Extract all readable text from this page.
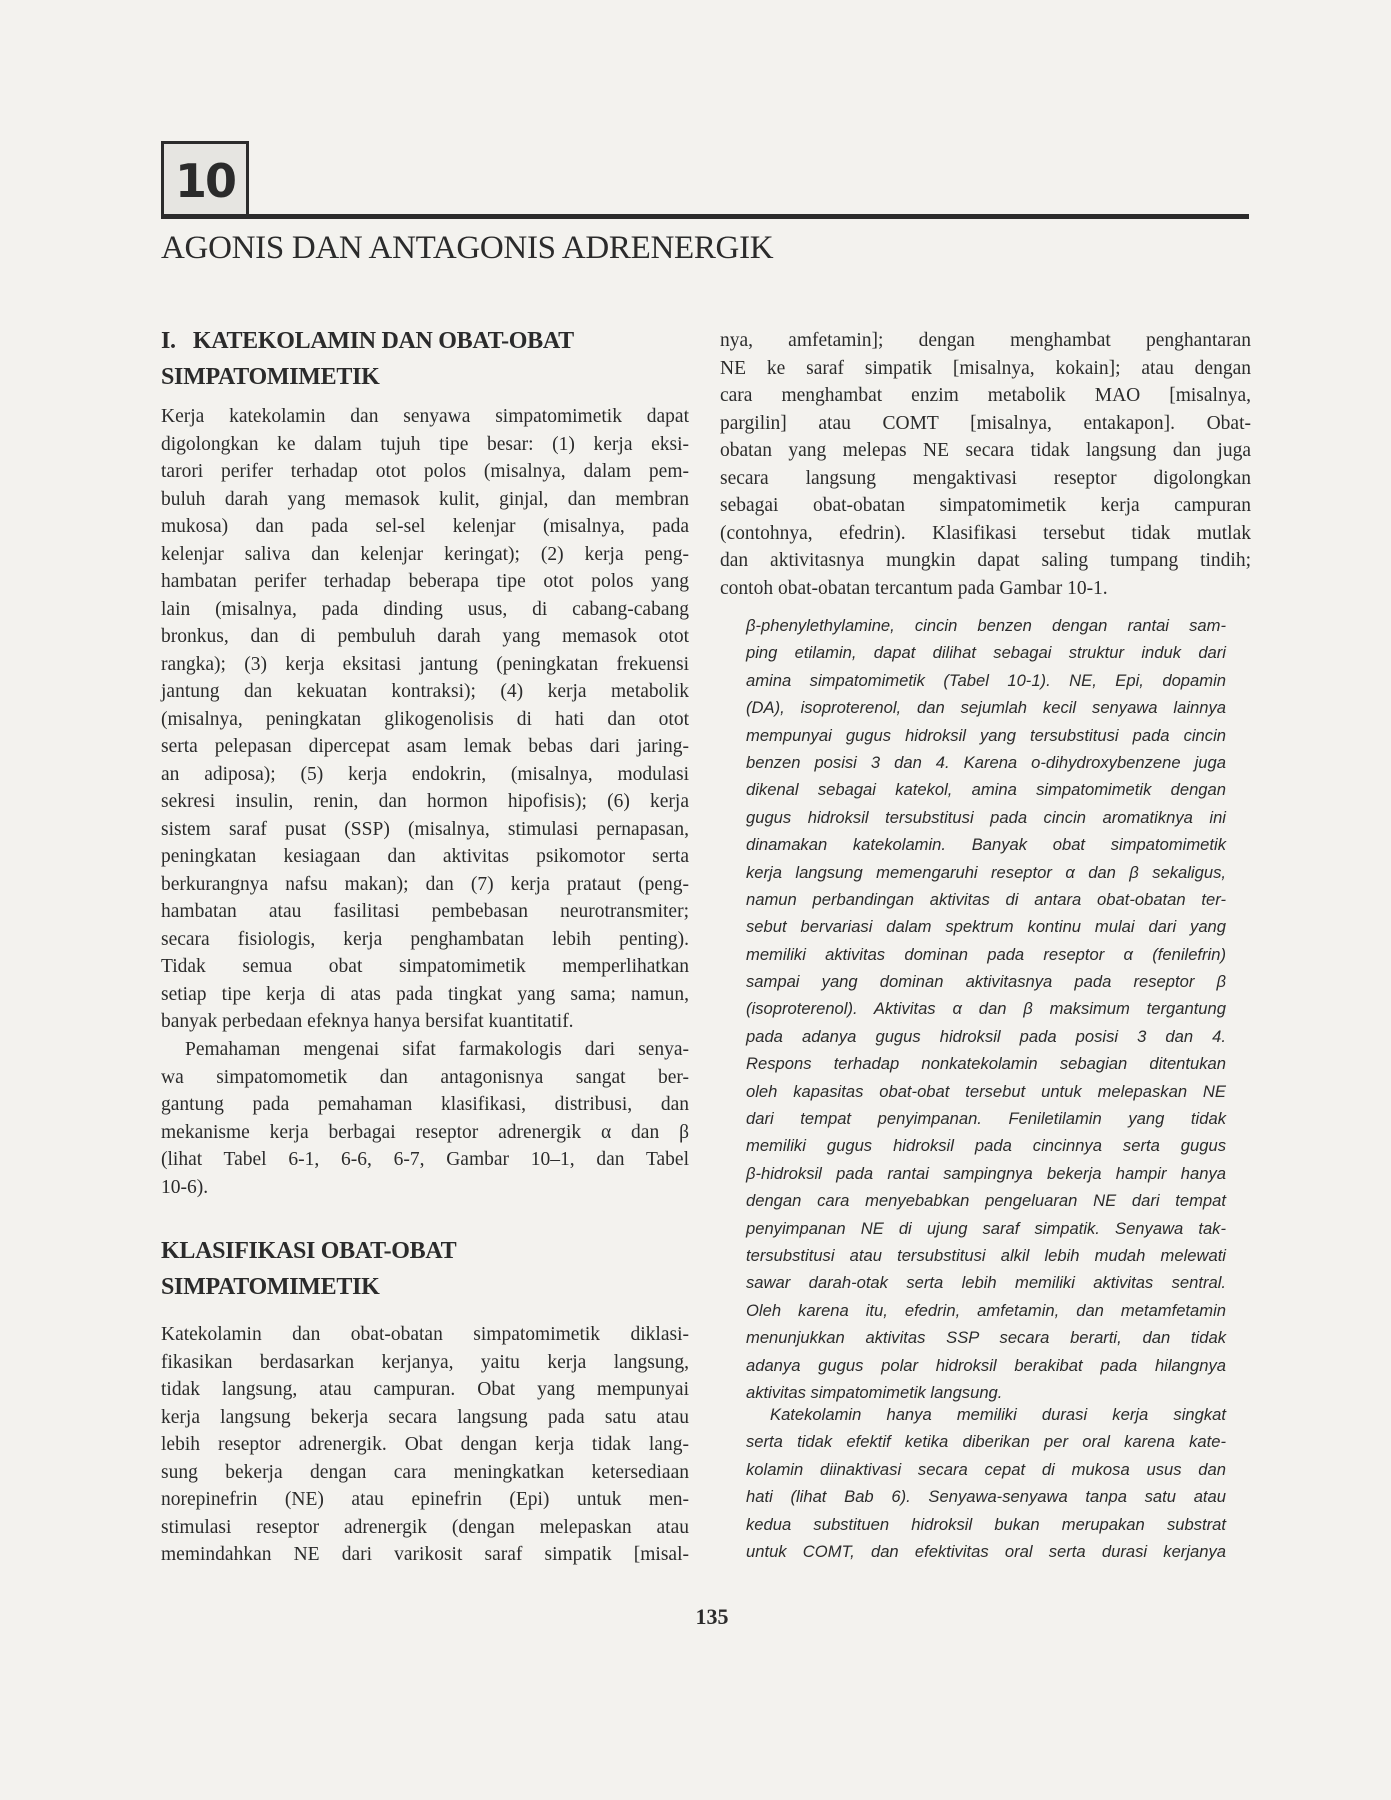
10
AGONIS DAN ANTAGONIS ADRENERGIK
I.   KATEKOLAMIN DAN OBAT-OBAT
SIMPATOMIMETIK
Kerja katekolamin dan senyawa simpatomimetik dapat
digolongkan ke dalam tujuh tipe besar: (1) kerja eksi-
tarori perifer terhadap otot polos (misalnya, dalam pem-
buluh darah yang memasok kulit, ginjal, dan membran
mukosa) dan pada sel-sel kelenjar (misalnya, pada
kelenjar saliva dan kelenjar keringat); (2) kerja peng-
hambatan perifer terhadap beberapa tipe otot polos yang
lain (misalnya, pada dinding usus, di cabang-cabang
bronkus, dan di pembuluh darah yang memasok otot
rangka); (3) kerja eksitasi jantung (peningkatan frekuensi
jantung dan kekuatan kontraksi); (4) kerja metabolik
(misalnya, peningkatan glikogenolisis di hati dan otot
serta pelepasan dipercepat asam lemak bebas dari jaring-
an adiposa); (5) kerja endokrin, (misalnya, modulasi
sekresi insulin, renin, dan hormon hipofisis); (6) kerja
sistem saraf pusat (SSP) (misalnya, stimulasi pernapasan,
peningkatan kesiagaan dan aktivitas psikomotor serta
berkurangnya nafsu makan); dan (7) kerja prataut (peng-
hambatan atau fasilitasi pembebasan neurotransmiter;
secara fisiologis, kerja penghambatan lebih penting).
Tidak semua obat simpatomimetik memperlihatkan
setiap tipe kerja di atas pada tingkat yang sama; namun,
banyak perbedaan efeknya hanya bersifat kuantitatif.
Pemahaman mengenai sifat farmakologis dari senya-
wa simpatomometik dan antagonisnya sangat ber-
gantung pada pemahaman klasifikasi, distribusi, dan
mekanisme kerja berbagai reseptor adrenergik α dan β
(lihat Tabel 6-1, 6-6, 6-7, Gambar 10–1, dan Tabel
10-6).
KLASIFIKASI OBAT-OBAT
SIMPATOMIMETIK
Katekolamin dan obat-obatan simpatomimetik diklasi-
fikasikan berdasarkan kerjanya, yaitu kerja langsung,
tidak langsung, atau campuran. Obat yang mempunyai
kerja langsung bekerja secara langsung pada satu atau
lebih reseptor adrenergik. Obat dengan kerja tidak lang-
sung bekerja dengan cara meningkatkan ketersediaan
norepinefrin (NE) atau epinefrin (Epi) untuk men-
stimulasi reseptor adrenergik (dengan melepaskan atau
memindahkan NE dari varikosit saraf simpatik [misal-
nya, amfetamin]; dengan menghambat penghantaran
NE ke saraf simpatik [misalnya, kokain]; atau dengan
cara menghambat enzim metabolik MAO [misalnya,
pargilin] atau COMT [misalnya, entakapon]. Obat-
obatan yang melepas NE secara tidak langsung dan juga
secara langsung mengaktivasi reseptor digolongkan
sebagai obat-obatan simpatomimetik kerja campuran
(contohnya, efedrin). Klasifikasi tersebut tidak mutlak
dan aktivitasnya mungkin dapat saling tumpang tindih;
contoh obat-obatan tercantum pada Gambar 10-1.
β-phenylethylamine, cincin benzen dengan rantai sam-
ping etilamin, dapat dilihat sebagai struktur induk dari
amina simpatomimetik (Tabel 10-1). NE, Epi, dopamin
(DA), isoproterenol, dan sejumlah kecil senyawa lainnya
mempunyai gugus hidroksil yang tersubstitusi pada cincin
benzen posisi 3 dan 4. Karena o-dihydroxybenzene juga
dikenal sebagai katekol, amina simpatomimetik dengan
gugus hidroksil tersubstitusi pada cincin aromatiknya ini
dinamakan katekolamin. Banyak obat simpatomimetik
kerja langsung memengaruhi reseptor α dan β sekaligus,
namun perbandingan aktivitas di antara obat-obatan ter-
sebut bervariasi dalam spektrum kontinu mulai dari yang
memiliki aktivitas dominan pada reseptor α (fenilefrin)
sampai yang dominan aktivitasnya pada reseptor β
(isoproterenol). Aktivitas α dan β maksimum tergantung
pada adanya gugus hidroksil pada posisi 3 dan 4.
Respons terhadap nonkatekolamin sebagian ditentukan
oleh kapasitas obat-obat tersebut untuk melepaskan NE
dari tempat penyimpanan. Feniletilamin yang tidak
memiliki gugus hidroksil pada cincinnya serta gugus
β-hidroksil pada rantai sampingnya bekerja hampir hanya
dengan cara menyebabkan pengeluaran NE dari tempat
penyimpanan NE di ujung saraf simpatik. Senyawa tak-
tersubstitusi atau tersubstitusi alkil lebih mudah melewati
sawar darah-otak serta lebih memiliki aktivitas sentral.
Oleh karena itu, efedrin, amfetamin, dan metamfetamin
menunjukkan aktivitas SSP secara berarti, dan tidak
adanya gugus polar hidroksil berakibat pada hilangnya
aktivitas simpatomimetik langsung.
Katekolamin hanya memiliki durasi kerja singkat
serta tidak efektif ketika diberikan per oral karena kate-
kolamin diinaktivasi secara cepat di mukosa usus dan
hati (lihat Bab 6). Senyawa-senyawa tanpa satu atau
kedua substituen hidroksil bukan merupakan substrat
untuk COMT, dan efektivitas oral serta durasi kerjanya
135
